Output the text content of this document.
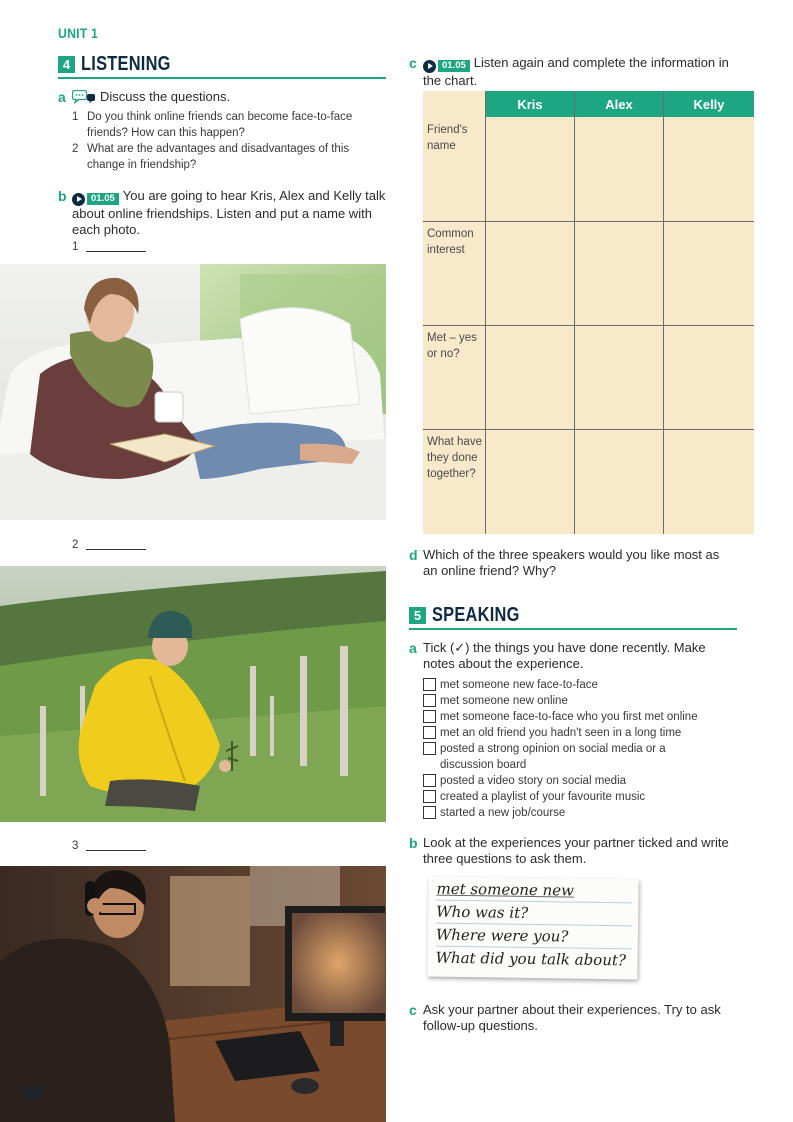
UNIT 1
4 LISTENING
a	Discuss the questions.
1 Do you think online friends can become face-to-face friends? How can this happen?
2 What are the advantages and disadvantages of this change in friendship?
b	01.05 You are going to hear Kris, Alex and Kelly talk about online friendships. Listen and put a name with each photo.
1
2
3
10
c	01.05 Listen again and complete the information in the chart.
Kris	Alex	Kelly
Friend's name
Common interest
Met – yes or no?
What have they done together?
d Which of the three speakers would you like most as an online friend? Why?
5 SPEAKING
a Tick (✓) the things you have done recently. Make notes about the experience.
met someone new face-to-face
met someone new online
met someone face-to-face who you first met online
met an old friend you hadn't seen in a long time
posted a strong opinion on social media or a discussion board
posted a video story on social media
created a playlist of your favourite music
started a new job/course
b Look at the experiences your partner ticked and write three questions to ask them.
met someone new
Who was it?
Where were you?
What did you talk about?
c Ask your partner about their experiences. Try to ask follow-up questions.
